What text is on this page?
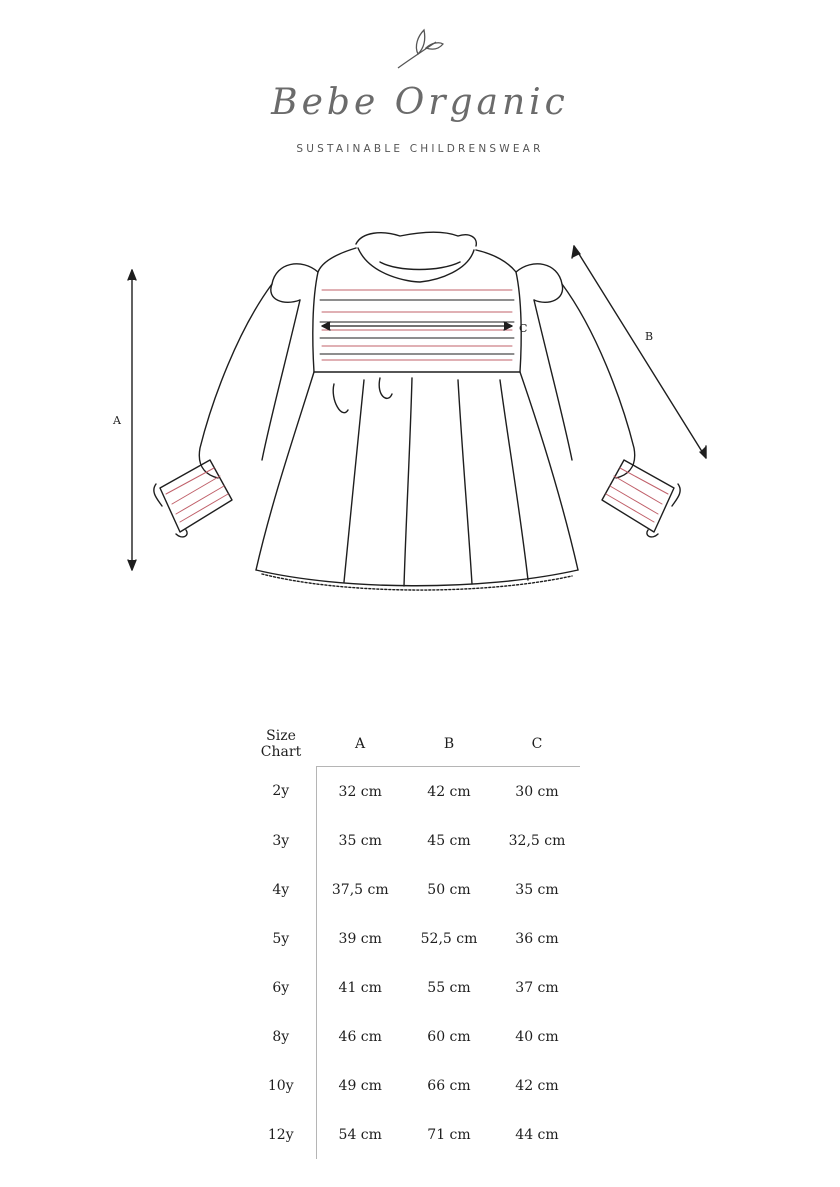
Bebe Organic
SUSTAINABLE CHILDRENSWEAR
A
B
C
Size
Chart	A	B	C
2y	32 cm	42 cm	30 cm
3y	35 cm	45 cm	32,5 cm
4y	37,5 cm	50 cm	35 cm
5y	39 cm	52,5 cm	36 cm
6y	41 cm	55 cm	37 cm
8y	46 cm	60 cm	40 cm
10y	49 cm	66 cm	42 cm
12y	54 cm	71 cm	44 cm
